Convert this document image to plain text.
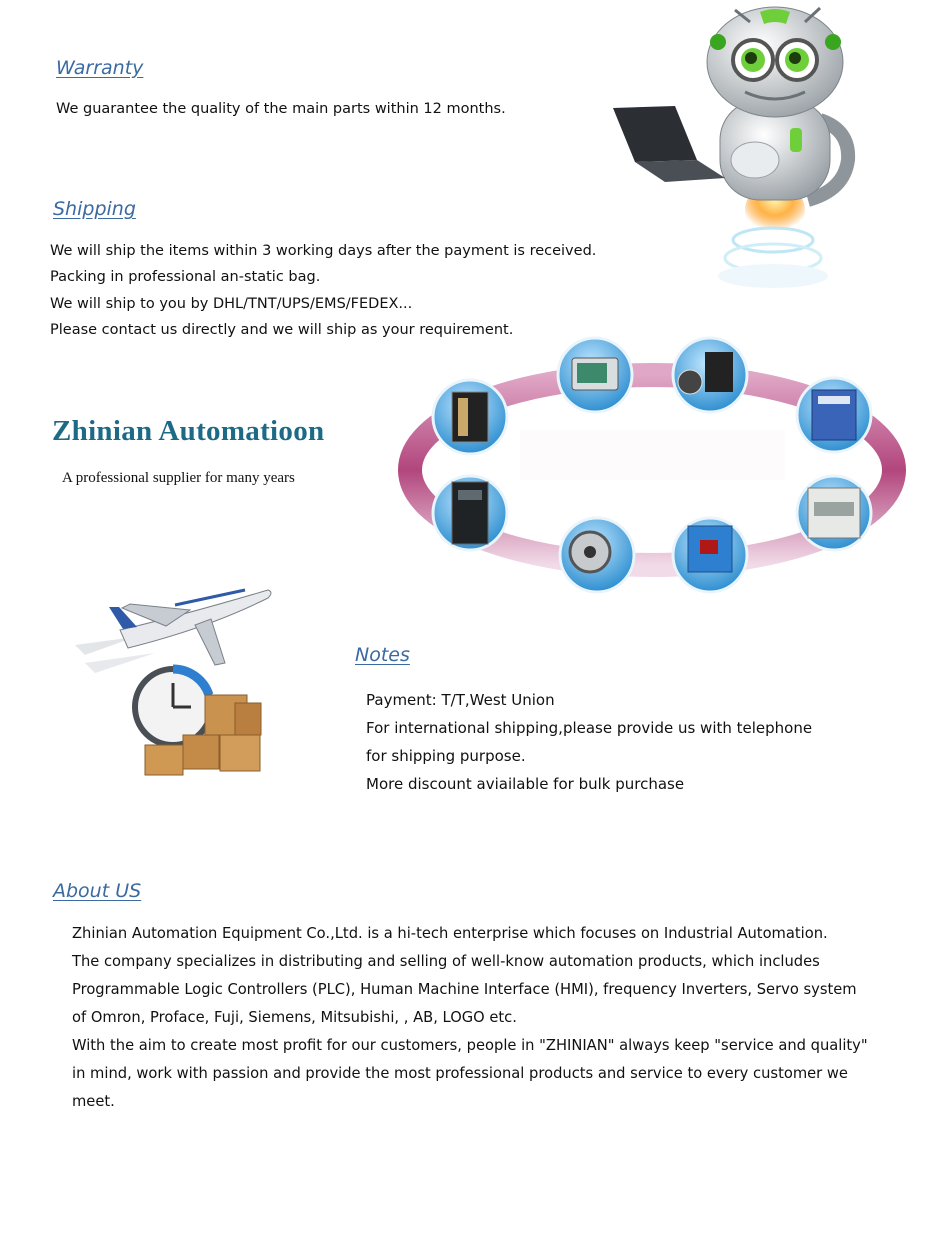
Warranty

We guarantee the quality of the main parts within 12 months.

Shipping

We will ship the items within 3 working days after the payment is received.
Packing in professional an-static bag.
We will ship to you by DHL/TNT/UPS/EMS/FEDEX...
Please contact us directly and we will ship as your requirement.

Zhinian Automatioon

A professional supplier for many years

Notes

Payment: T/T,West Union
For international shipping,please provide us with telephone
for shipping purpose.
More discount aviailable for bulk purchase

About US

Zhinian Automation Equipment Co.,Ltd. is a hi-tech enterprise which focuses on Industrial Automation.
The company specializes in distributing and selling of well-know automation products, which includes
Programmable Logic Controllers (PLC), Human Machine Interface (HMI), frequency Inverters, Servo system
of Omron, Proface, Fuji, Siemens, Mitsubishi, , AB, LOGO etc.
With the aim to create most profit for our customers, people in "ZHINIAN" always keep "service and quality"
in mind, work with passion and provide the most professional products and service to every customer we
meet.
